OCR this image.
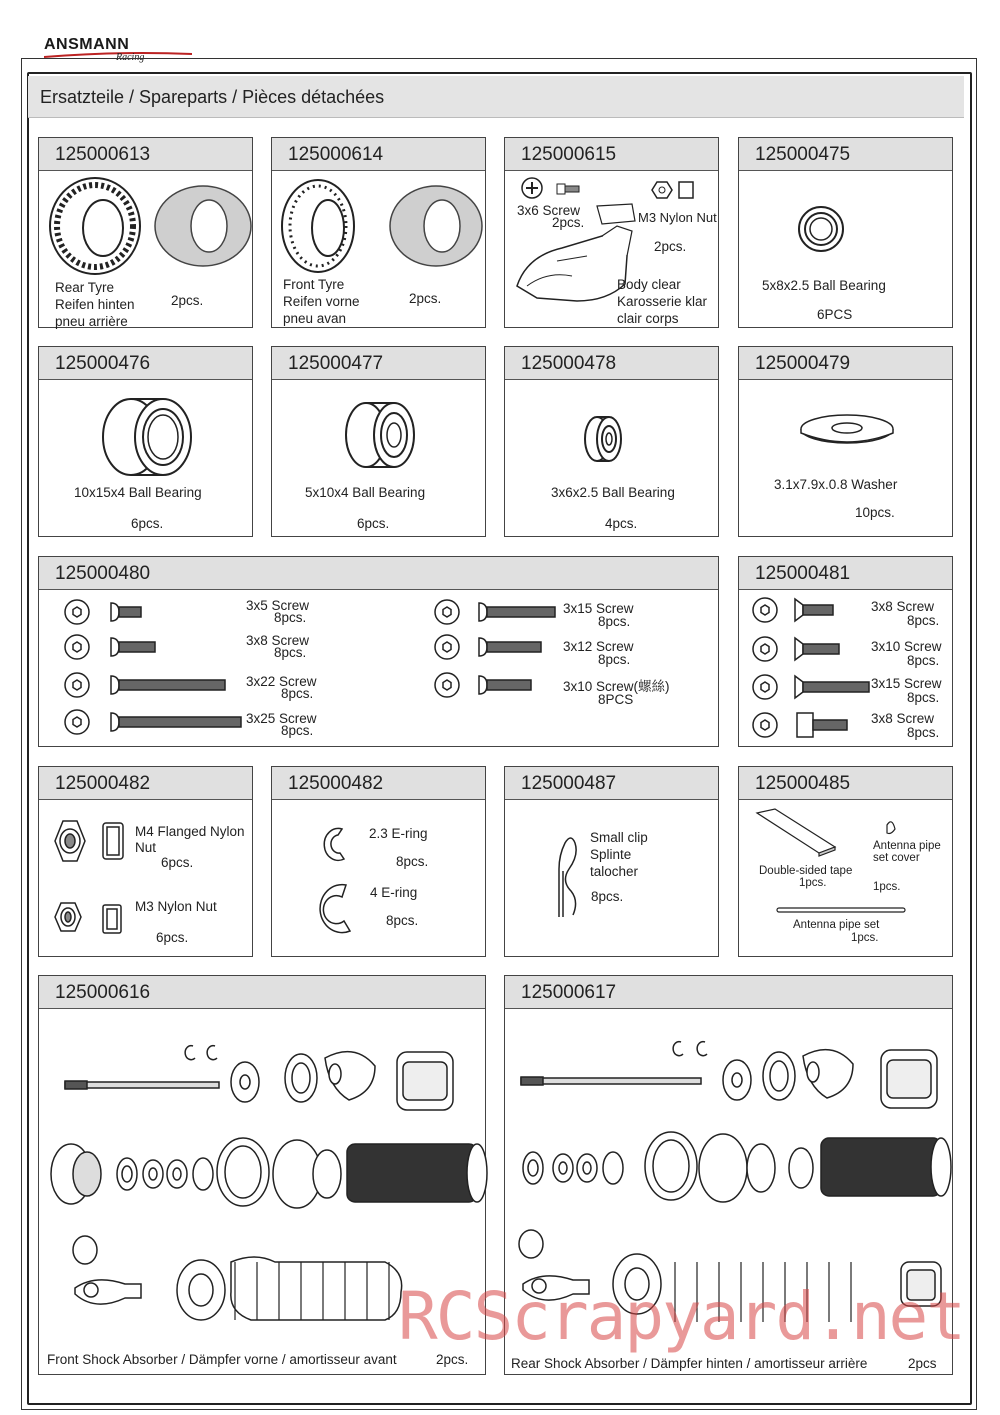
ANSMANN
Racing
Ersatzteile / Spareparts / Pièces détachées
125000613
Rear Tyre
Reifen hinten
pneu arrière
2pcs.
125000614
Front Tyre
Reifen vorne
pneu avan
2pcs.
125000615
3x6 Screw
2pcs.	M3 Nylon Nut
2pcs.
Body clear
Karosserie klar
clair corps
125000475
5x8x2.5 Ball Bearing
6PCS
125000476
10x15x4 Ball Bearing
6pcs.
125000477
5x10x4 Ball Bearing
6pcs.
125000478
3x6x2.5 Ball Bearing
4pcs.
125000479
3.1x7.9x.0.8 Washer
10pcs.
125000480
3x5 Screw
8pcs.
3x8 Screw
8pcs.
3x22 Screw
8pcs.
3x25 Screw
8pcs.
3x15 Screw
8pcs.
3x12 Screw
8pcs.
3x10 Screw(螺絲)
8PCS
125000481
3x8 Screw
8pcs.
3x10 Screw
8pcs.
3x15 Screw
8pcs.
3x8 Screw
8pcs.
125000482
M4 Flanged Nylon
Nut
6pcs.
M3 Nylon Nut
6pcs.
125000482
2.3 E-ring
8pcs.
4 E-ring
8pcs.
125000487
Small clip
Splinte
talocher
8pcs.
125000485
Double-sided tape
1pcs.
Antenna pipe
set cover
1pcs.
Antenna pipe set
1pcs.
125000616
Front Shock Absorber / Dämpfer vorne / amortisseur avant	2pcs.
125000617
Rear Shock Absorber / Dämpfer hinten / amortisseur arrière	2pcs
RCScrapyard.net
